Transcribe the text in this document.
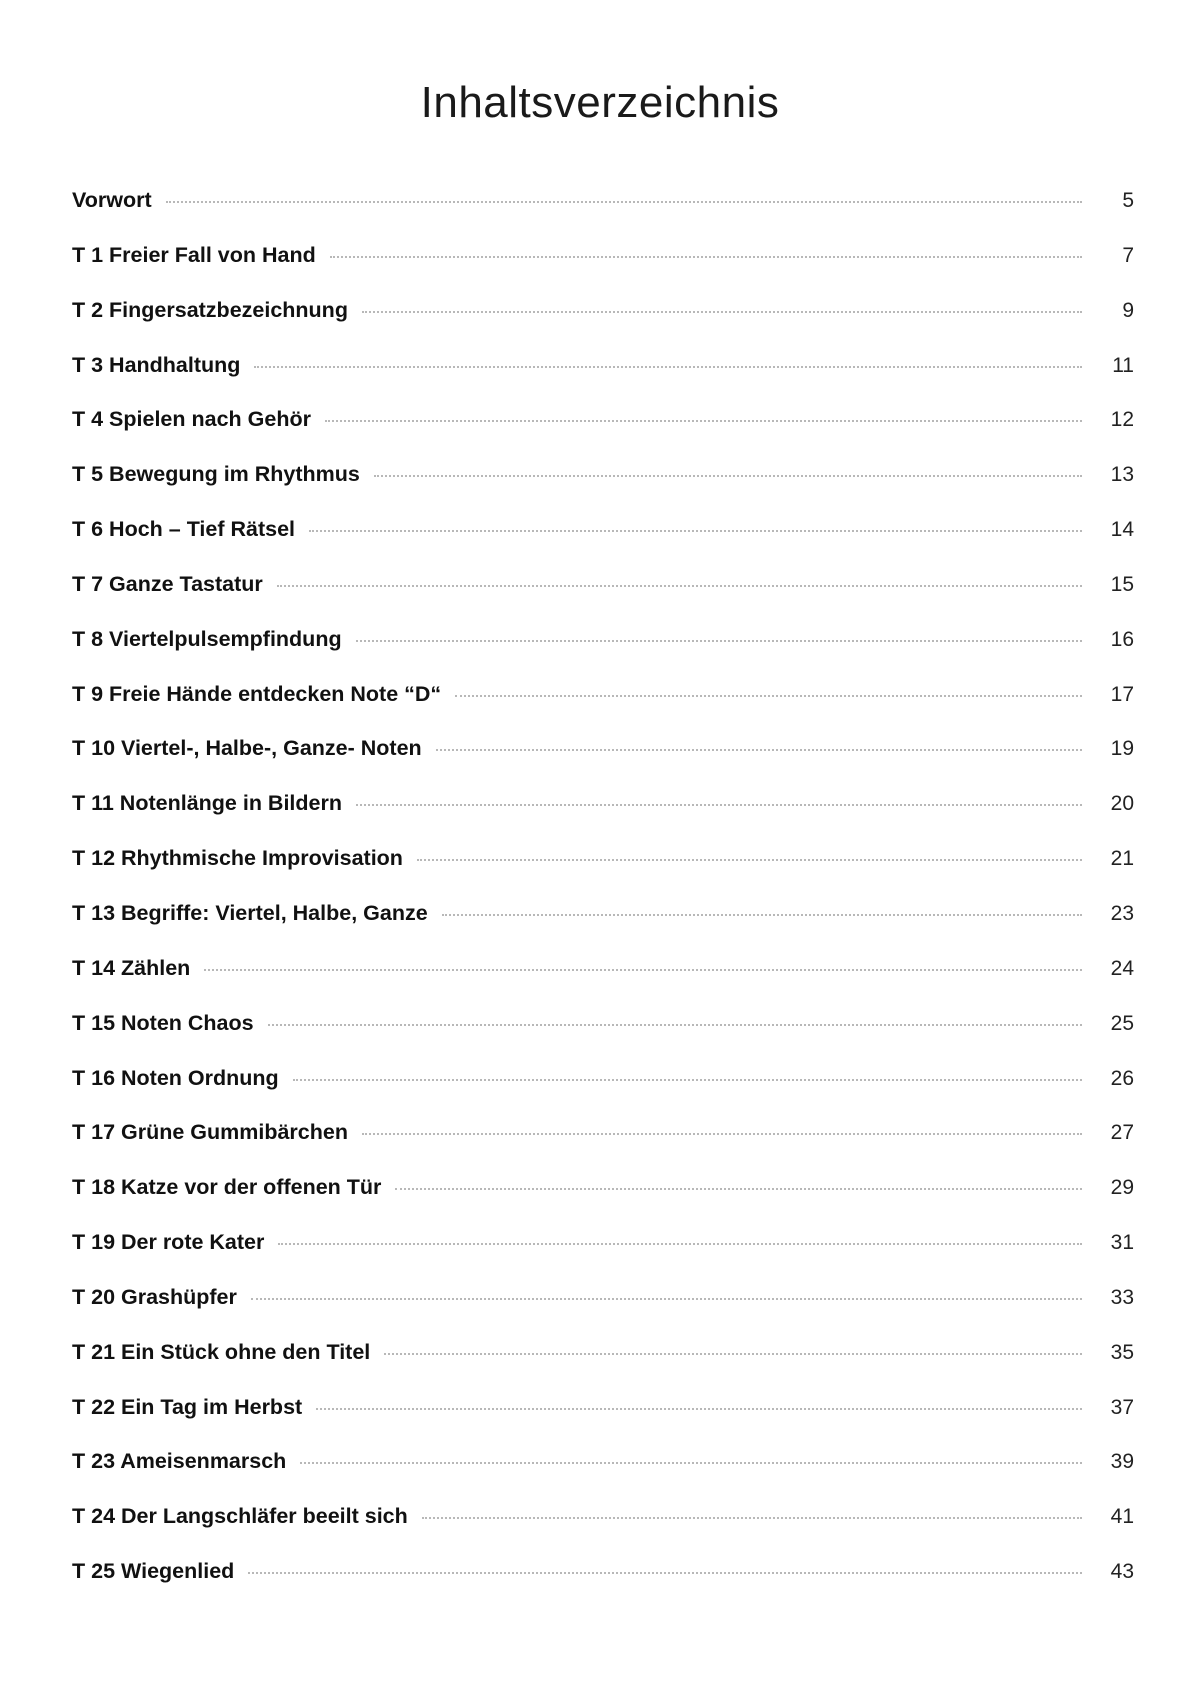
Inhaltsverzeichnis
Vorwort	5
T 1 Freier Fall von Hand	7
T 2 Fingersatzbezeichnung	9
T 3 Handhaltung	11
T 4 Spielen nach Gehör	12
T 5 Bewegung im Rhythmus	13
T 6 Hoch – Tief Rätsel	14
T 7 Ganze Tastatur	15
T 8 Viertelpulsempfindung	16
T 9 Freie Hände entdecken Note “D“	17
T 10 Viertel-, Halbe-, Ganze- Noten	19
T 11 Notenlänge in Bildern	20
T 12 Rhythmische Improvisation	21
T 13 Begriffe: Viertel, Halbe, Ganze	23
T 14 Zählen	24
T 15 Noten Chaos	25
T 16 Noten Ordnung	26
T 17 Grüne Gummibärchen	27
T 18 Katze vor der offenen Tür	29
T 19 Der rote Kater	31
T 20 Grashüpfer	33
T 21 Ein Stück ohne den Titel	35
T 22 Ein Tag im Herbst	37
T 23 Ameisenmarsch	39
T 24 Der Langschläfer beeilt sich	41
T 25 Wiegenlied	43
